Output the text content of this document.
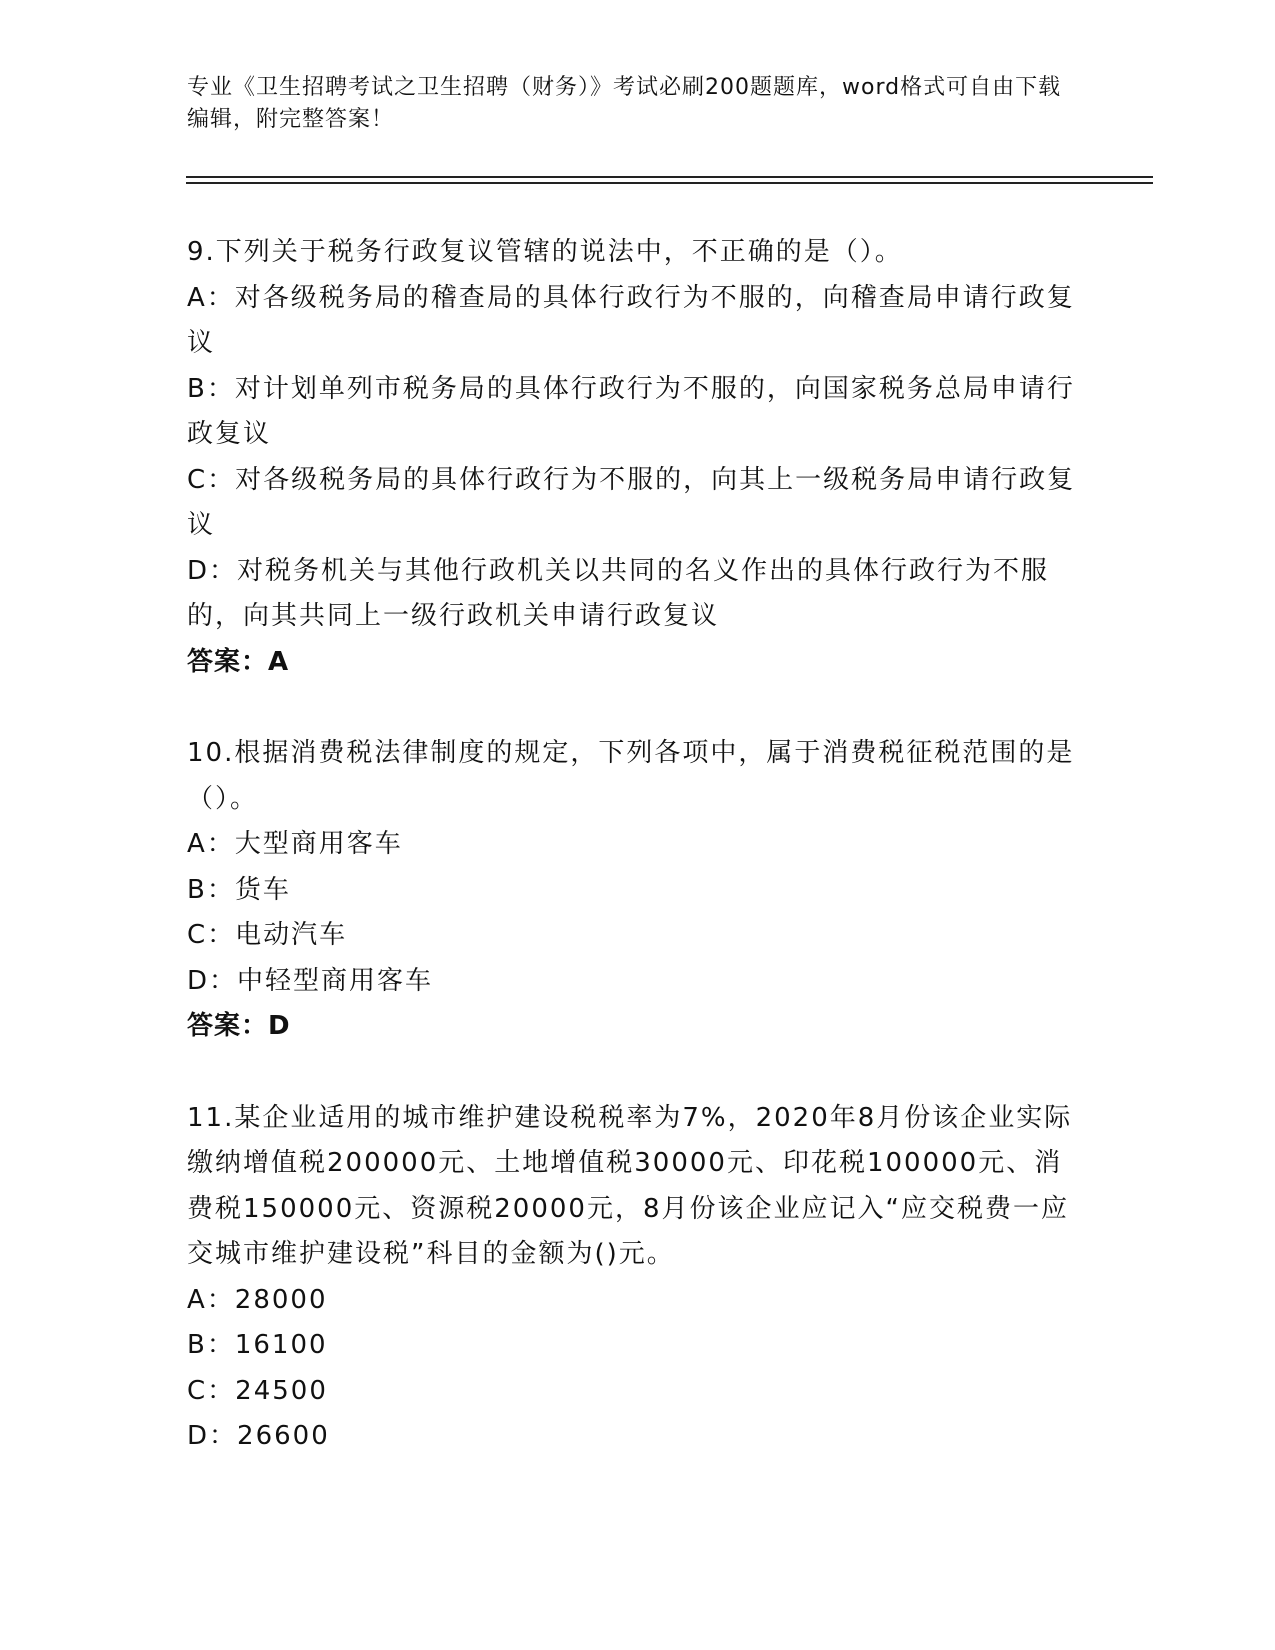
专业《卫生招聘考试之卫生招聘（财务）》考试必刷200题题库，word格式可自由下载编辑，附完整答案！

9.下列关于税务行政复议管辖的说法中，不正确的是（）。

A：对各级税务局的稽查局的具体行政行为不服的，向稽查局申请行政复议

B：对计划单列市税务局的具体行政行为不服的，向国家税务总局申请行政复议

C：对各级税务局的具体行政行为不服的，向其上一级税务局申请行政复议

D：对税务机关与其他行政机关以共同的名义作出的具体行政行为不服的，向其共同上一级行政机关申请行政复议

答案：A

10.根据消费税法律制度的规定，下列各项中，属于消费税征税范围的是（）。

A：大型商用客车

B：货车

C：电动汽车

D：中轻型商用客车

答案：D

11.某企业适用的城市维护建设税税率为7%，2020年8月份该企业实际缴纳增值税200000元、土地增值税30000元、印花税100000元、消费税150000元、资源税20000元，8月份该企业应记入“应交税费一应交城市维护建设税”科目的金额为()元。

A：28000

B：16100

C：24500

D：26600
